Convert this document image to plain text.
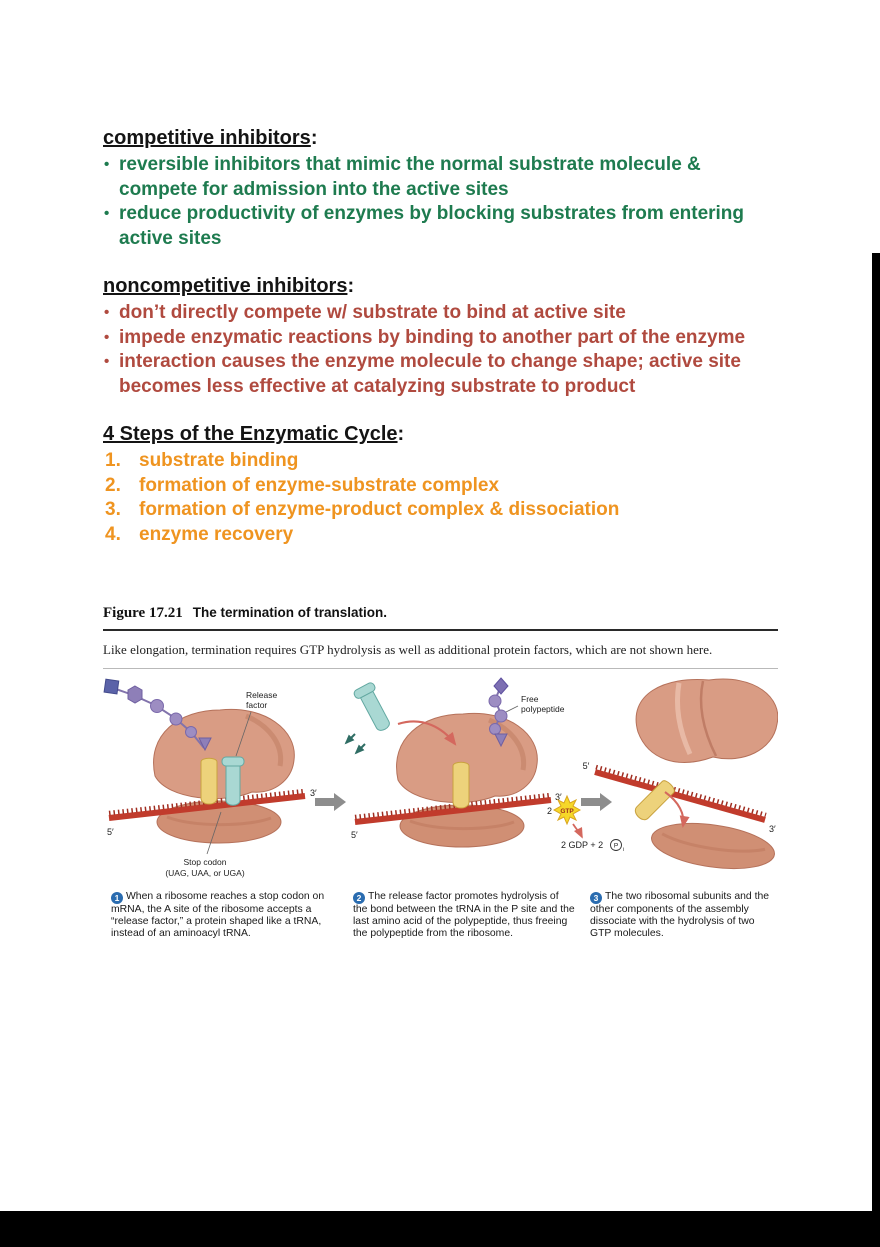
competitive inhibitors:
• reversible inhibitors that mimic the normal substrate molecule & compete for admission into the active sites
• reduce productivity of enzymes by blocking substrates from entering active sites
noncompetitive inhibitors:
• don’t directly compete w/ substrate to bind at active site
• impede enzymatic reactions by binding to another part of the enzyme
• interaction causes the enzyme molecule to change shape; active site becomes less effective at catalyzing substrate to product
4 Steps of the Enzymatic Cycle:
substrate binding
formation of enzyme-substrate complex
formation of enzyme-product complex & dissociation
enzyme recovery
Figure 17.21 The termination of translation.

Like elongation, termination requires GTP hydrolysis as well as additional protein factors, which are not shown here.

5′
3′
Release
factor
Stop codon
(UAG, UAA, or UGA)
5′
3′
Free
polypeptide
5′
3′
GTP
2
2 GDP + 2 P
i
1 When a ribosome reaches a stop codon on mRNA, the A site of the ribosome accepts a “release factor,” a protein shaped like a tRNA, instead of an aminoacyl tRNA.
2 The release factor promotes hydrolysis of the bond between the tRNA in the P site and the last amino acid of the polypeptide, thus freeing the polypeptide from the ribosome.
3 The two ribosomal subunits and the other components of the assembly dissociate with the hydrolysis of two GTP molecules.
